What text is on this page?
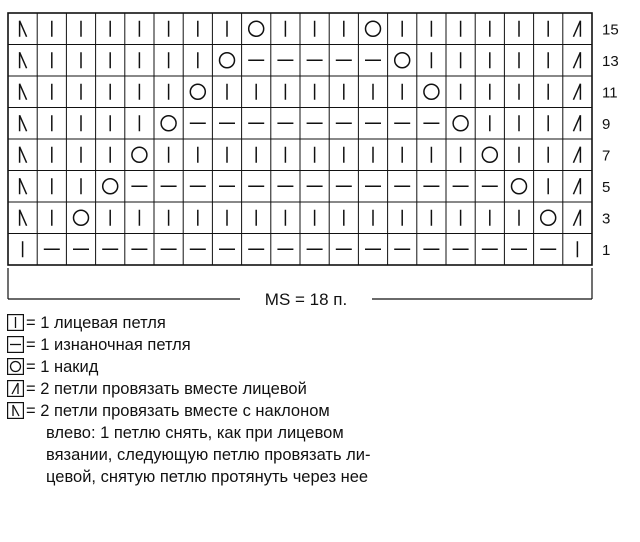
15
13
11
9
7
5
3
1
MS = 18 п.
= 1 лицевая петля
= 1 изнаночная петля
= 1 накид
= 2 петли провязать вместе лицевой
= 2 петли провязать вместе с наклоном
влево: 1 петлю снять, как при лицевом
вязании, следующую петлю провязать ли-
цевой, снятую петлю протянуть через нее
